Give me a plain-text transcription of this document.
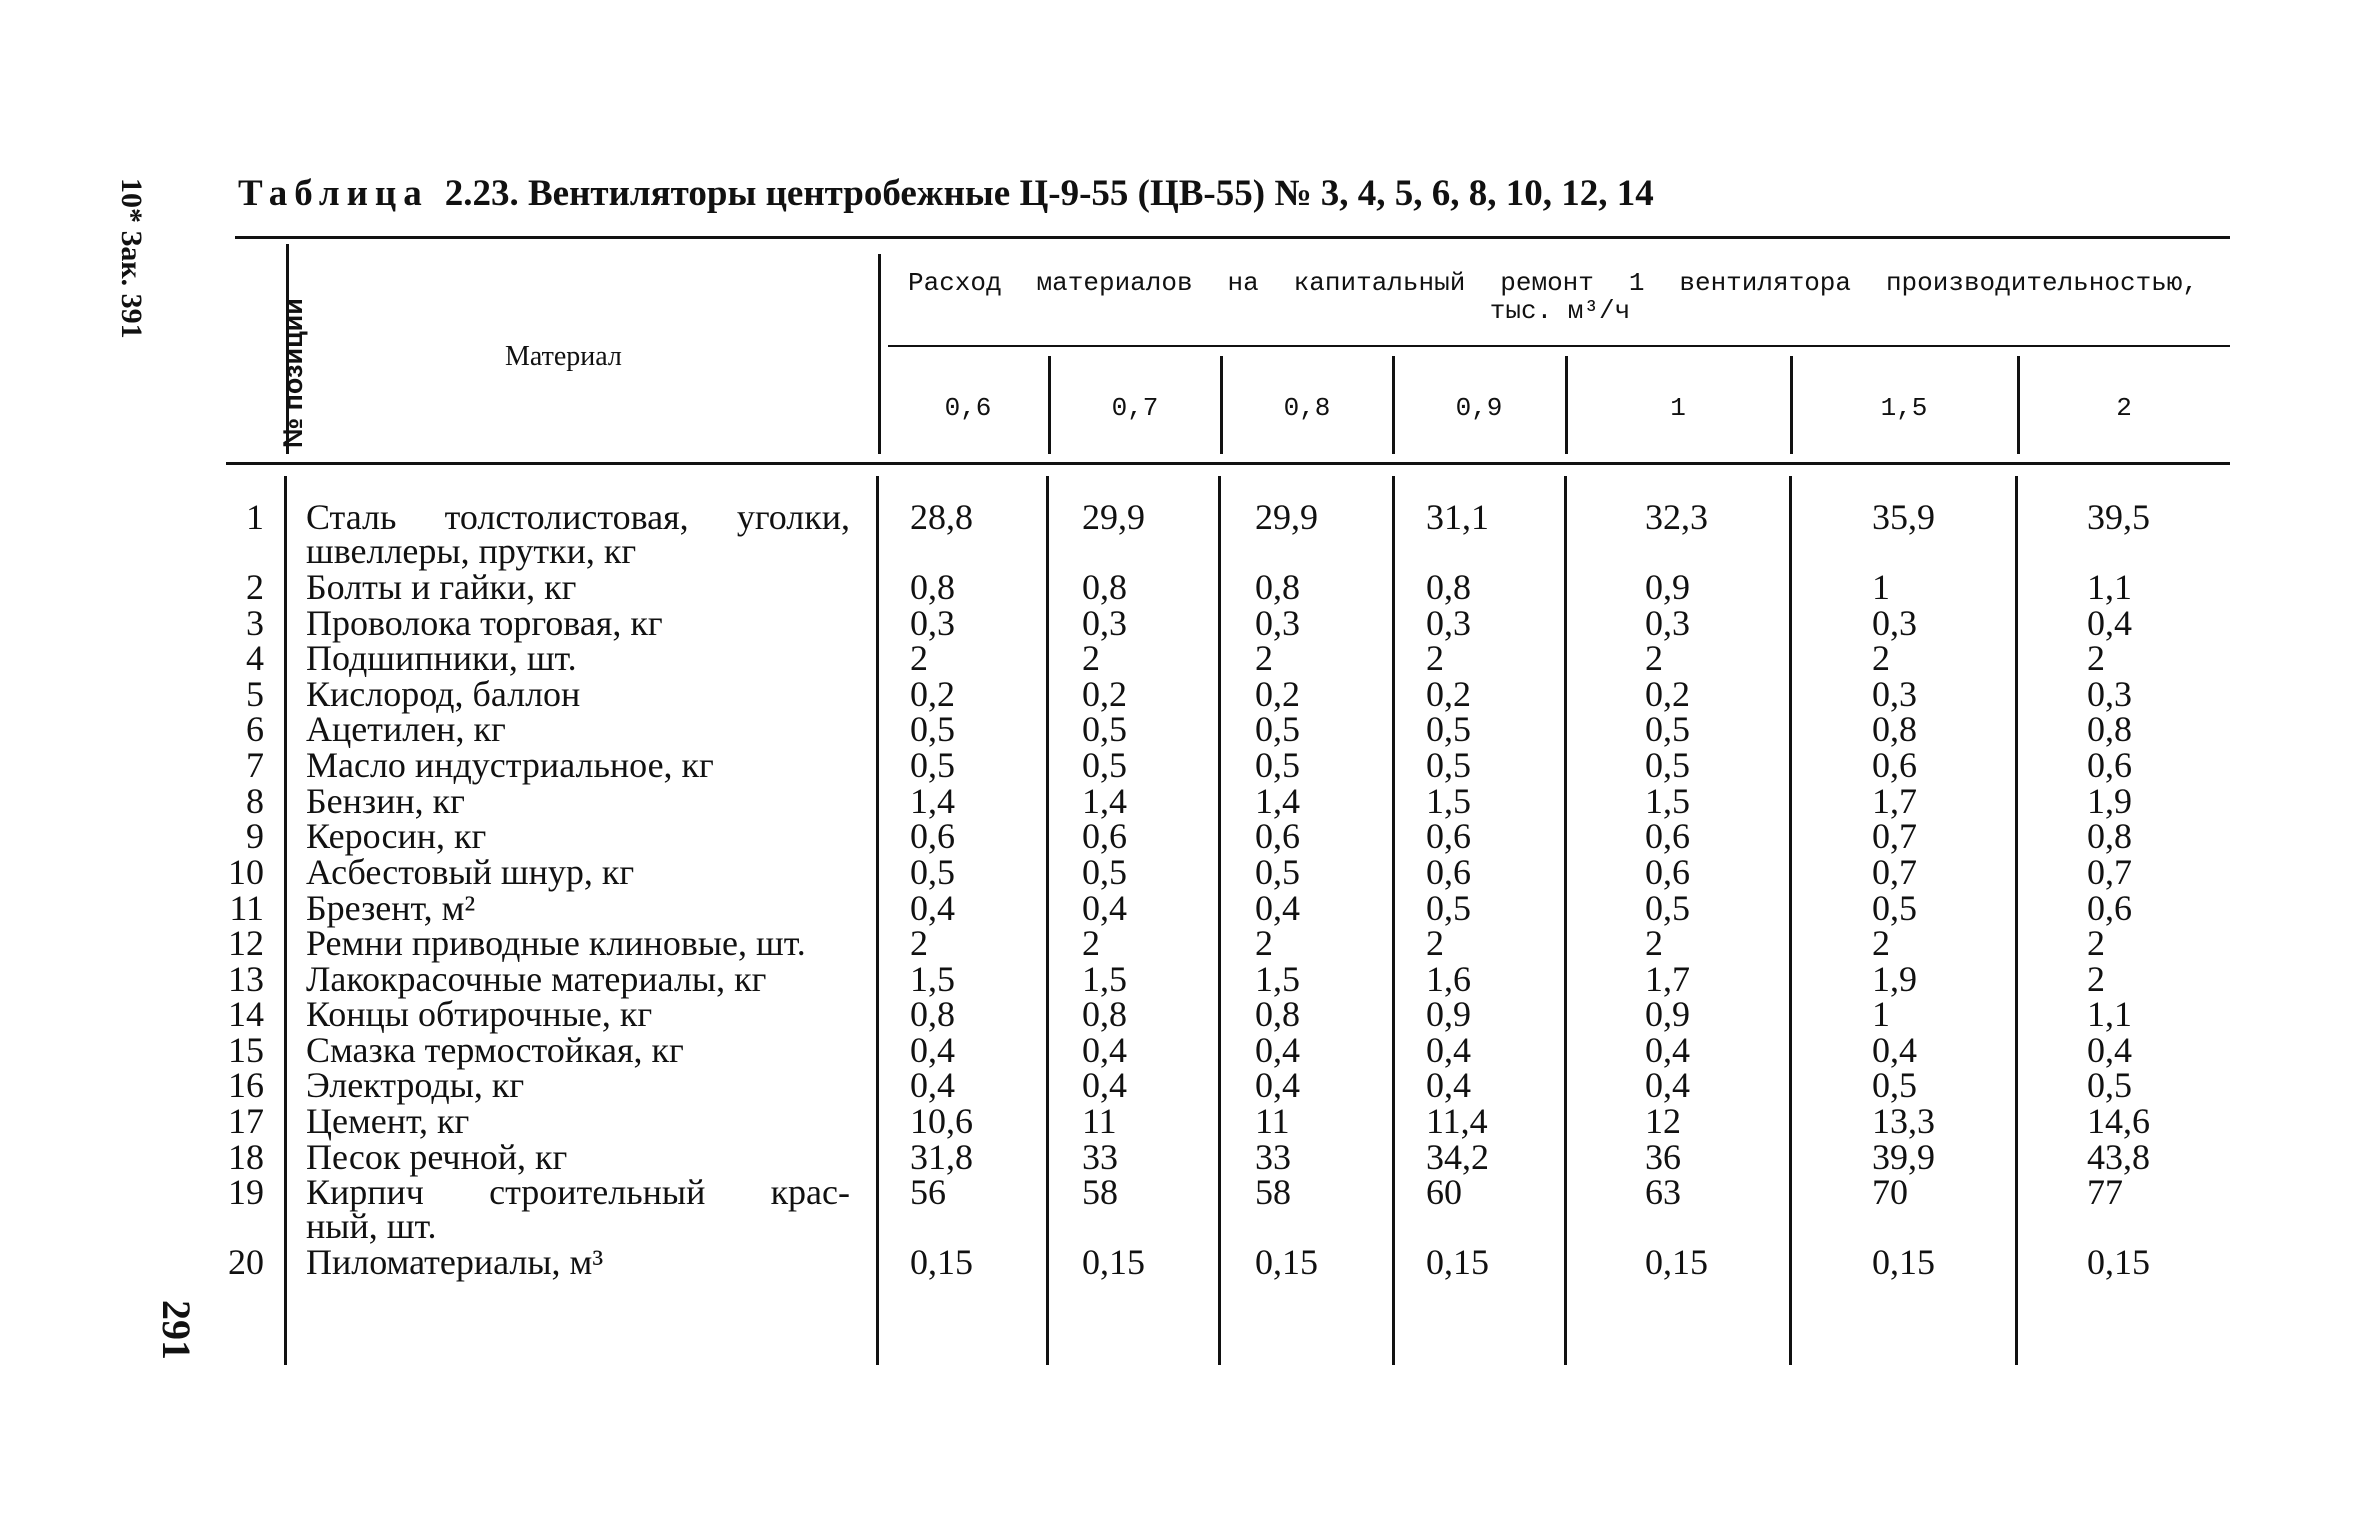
10* Зак. 391 Таблица 2.23. Вентиляторы центробежные Ц-9-55 (ЦВ-55) № 3, 4, 5, 6, 8, 10, 12, 14
№ позиции	Материал
Расход материалов на капитальный ремонт 1 вентилятора производительностью,
тыс. м³/ч
0,6	0,7	0,8	0,9	1	1,5	2
1 Сталь толстолистовая, уголки,
швеллеры, прутки, кг
28,8	29,9	29,9	31,1	32,3	35,9	39,5
2 Болты и гайки, кг	0,8	0,8	0,8	0,8	0,9	1	1,1
3 Проволока торговая, кг	0,3	0,3	0,3	0,3	0,3	0,3	0,4
4 Подшипники, шт.	2	2	2	2	2	2	2
5 Кислород, баллон	0,2	0,2	0,2	0,2	0,2	0,3	0,3
6 Ацетилен, кг	0,5	0,5	0,5	0,5	0,5	0,8	0,8
7 Масло индустриальное, кг	0,5	0,5	0,5	0,5	0,5	0,6	0,6
8 Бензин, кг	1,4	1,4	1,4	1,5	1,5	1,7	1,9
9 Керосин, кг	0,6	0,6	0,6	0,6	0,6	0,7	0,8
10 Асбестовый шнур, кг	0,5	0,5	0,5	0,6	0,6	0,7	0,7
11 Брезент, м²	0,4	0,4	0,4	0,5	0,5	0,5	0,6
12 Ремни приводные клиновые, шт.	2	2	2	2	2	2	2
13 Лакокрасочные материалы, кг	1,5	1,5	1,5	1,6	1,7	1,9	2
14 Концы обтирочные, кг	0,8	0,8	0,8	0,9	0,9	1	1,1
15 Смазка термостойкая, кг	0,4	0,4	0,4	0,4	0,4	0,4	0,4
16 Электроды, кг	0,4	0,4	0,4	0,4	0,4	0,5	0,5
17 Цемент, кг	10,6	11	11	11,4	12	13,3	14,6
18 Песок речной, кг	31,8	33	33	34,2	36	39,9	43,8
19 Кирпич строительный крас-
ный, шт.
56	58	58	60	63	70	77
20 Пиломатериалы, м³	0,15	0,15	0,15	0,15	0,15	0,15	0,15
291
